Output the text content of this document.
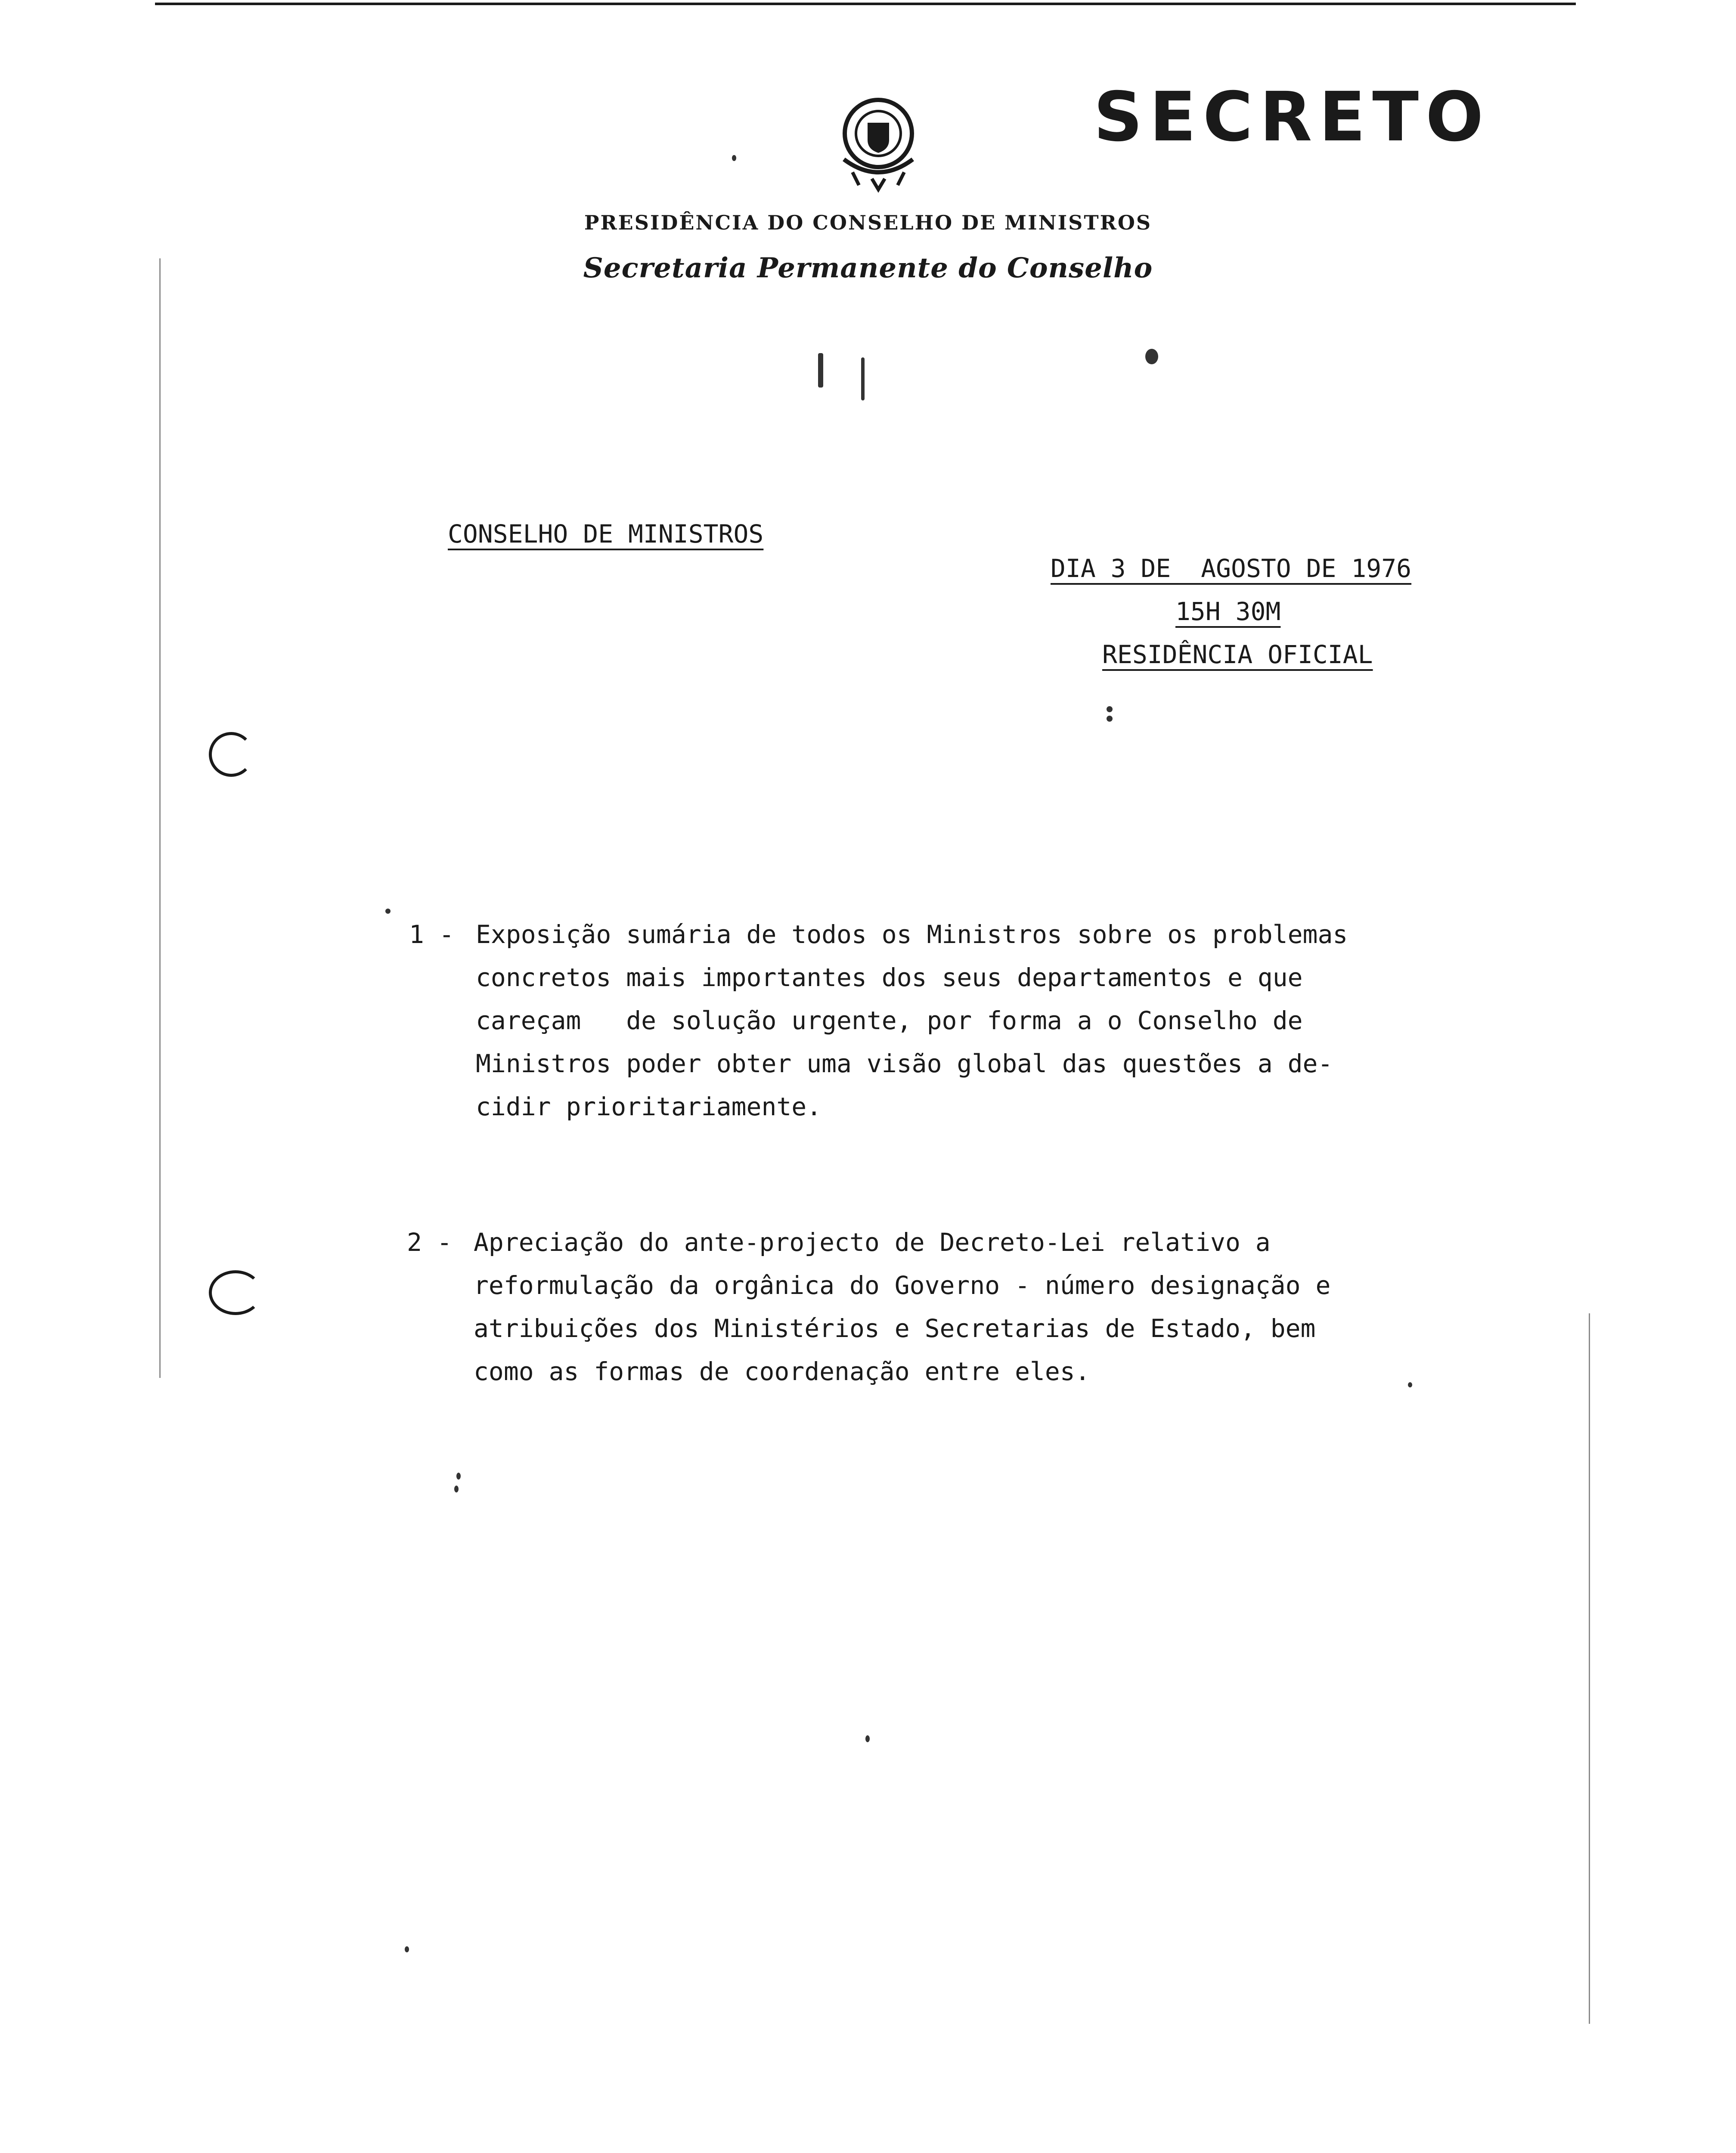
SECRETO
PRESIDÊNCIA DO CONSELHO DE MINISTROS
Secretaria Permanente do Conselho
CONSELHO DE MINISTROS
DIA 3 DE  AGOSTO DE 1976
15H 30M
RESIDÊNCIA OFICIAL
1 - Exposição sumária de todos os Ministros sobre os problemas
concretos mais importantes dos seus departamentos e que
careçam   de solução urgente, por forma a o Conselho de
Ministros poder obter uma visão global das questões a de-
cidir prioritariamente.
2 - Apreciação do ante-projecto de Decreto-Lei relativo a
reformulação da orgânica do Governo - número designação e
atribuições dos Ministérios e Secretarias de Estado, bem
como as formas de coordenação entre eles.
